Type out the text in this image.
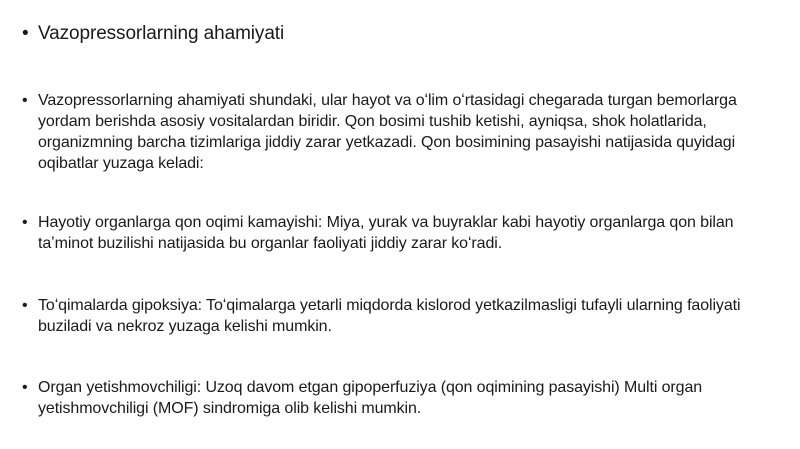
• Vazopressorlarning ahamiyati
• Vazopressorlarning ahamiyati shundaki, ular hayot va oʻlim oʻrtasidagi chegarada turgan bemorlarga yordam berishda asosiy vositalardan biridir. Qon bosimi tushib ketishi, ayniqsa, shok holatlarida, organizmning barcha tizimlariga jiddiy zarar yetkazadi. Qon bosimining pasayishi natijasida quyidagi oqibatlar yuzaga keladi:
• Hayotiy organlarga qon oqimi kamayishi: Miya, yurak va buyraklar kabi hayotiy organlarga qon bilan taʼminot buzilishi natijasida bu organlar faoliyati jiddiy zarar koʻradi.
• Toʻqimalarda gipoksiya: Toʻqimalarga yetarli miqdorda kislorod yetkazilmasligi tufayli ularning faoliyati buziladi va nekroz yuzaga kelishi mumkin.
• Organ yetishmovchiligi: Uzoq davom etgan gipoperfuziya (qon oqimining pasayishi) Multi organ yetishmovchiligi (MOF) sindromiga olib kelishi mumkin.
